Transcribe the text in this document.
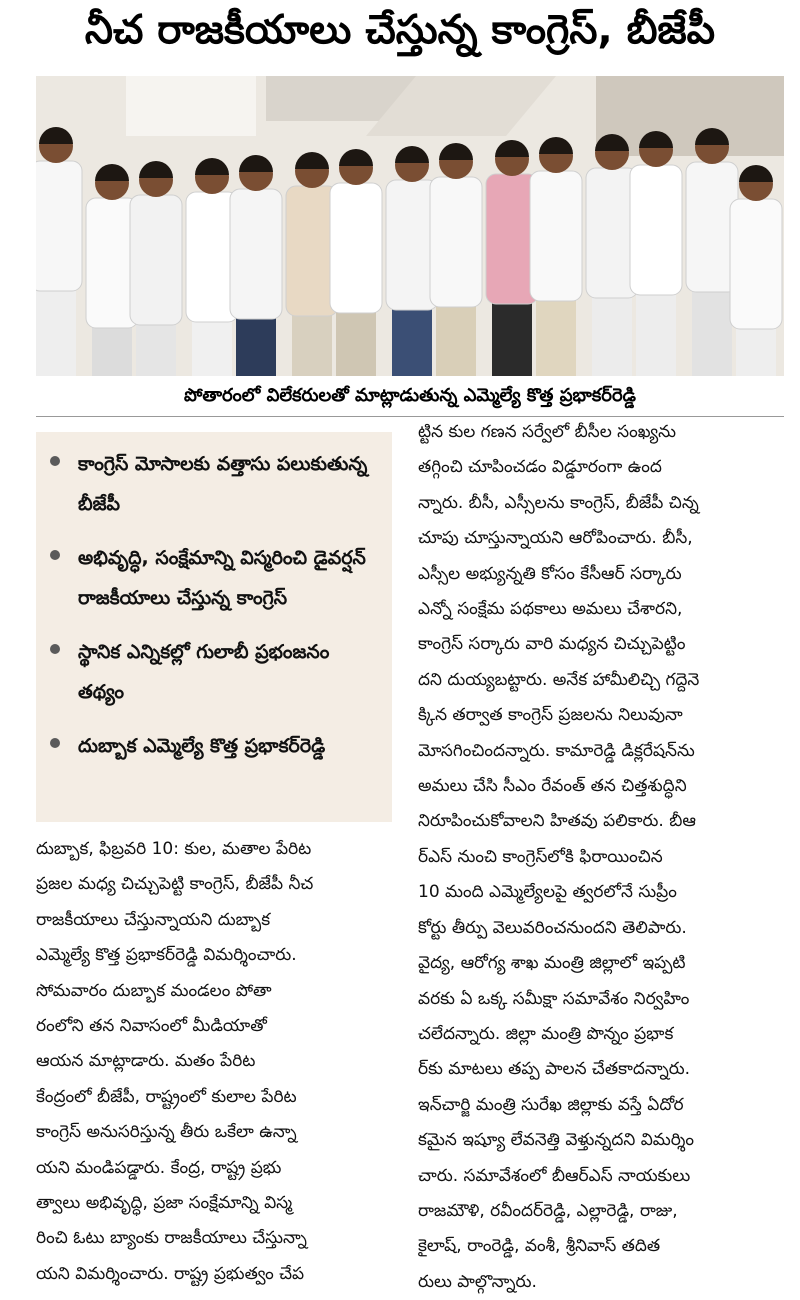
నీచ రాజకీయాలు చేస్తున్న కాంగ్రెస్, బీజేపీ
పోతారంలో విలేకరులతో మాట్లాడుతున్న ఎమ్మెల్యే కొత్త ప్రభాకర్‌రెడ్డి
కాంగ్రెస్ మోసాలకు వత్తాసు పలుకుతున్న బీజేపీ
అభివృద్ధి, సంక్షేమాన్ని విస్మరించి డైవర్షన్ రాజకీయాలు చేస్తున్న కాంగ్రెస్
స్థానిక ఎన్నికల్లో గులాబీ ప్రభంజనం తథ్యం
దుబ్బాక ఎమ్మెల్యే కొత్త ప్రభాకర్‌రెడ్డి
దుబ్బాక, ఫిబ్రవరి 10: కుల, మతాల పేరిట
ప్రజల మధ్య చిచ్చుపెట్టి కాంగ్రెస్, బీజేపీ నీచ
రాజకీయాలు చేస్తున్నాయని దుబ్బాక
ఎమ్మెల్యే కొత్త ప్రభాకర్‌రెడ్డి విమర్శించారు.
సోమవారం దుబ్బాక మండలం పోతా
రంలోని తన నివాసంలో మీడియాతో
ఆయన మాట్లాడారు. మతం పేరిట
కేంద్రంలో బీజేపీ, రాష్ట్రంలో కులాల పేరిట
కాంగ్రెస్ అనుసరిస్తున్న తీరు ఒకేలా ఉన్నా
యని మండిపడ్డారు. కేంద్ర, రాష్ట్ర ప్రభు
త్వాలు అభివృద్ధి, ప్రజా సంక్షేమాన్ని విస్మ
రించి ఓటు బ్యాంకు రాజకీయాలు చేస్తున్నా
యని విమర్శించారు. రాష్ట్ర ప్రభుత్వం చేప
ట్టిన కుల గణన సర్వేలో బీసీల సంఖ్యను
తగ్గించి చూపించడం విడ్డూరంగా ఉంద
న్నారు. బీసీ, ఎస్సీలను కాంగ్రెస్, బీజేపీ చిన్న
చూపు చూస్తున్నాయని ఆరోపించారు. బీసీ,
ఎస్సీల అభ్యున్నతి కోసం కేసీఆర్ సర్కారు
ఎన్నో సంక్షేమ పథకాలు అమలు చేశారని,
కాంగ్రెస్ సర్కారు వారి మధ్యన చిచ్చుపెట్టిం
దని దుయ్యబట్టారు. అనేక హామీలిచ్చి గద్దెనె
క్కిన తర్వాత కాంగ్రెస్ ప్రజలను నిలువునా
మోసగించిందన్నారు. కామారెడ్డి డిక్లరేషన్‌ను
అమలు చేసి సీఎం రేవంత్ తన చిత్తశుద్ధిని
నిరూపించుకోవాలని హితవు పలికారు. బీఆ
ర్‌ఎస్ నుంచి కాంగ్రెస్‌లోకి ఫిరాయించిన
10 మంది ఎమ్మెల్యేలపై త్వరలోనే సుప్రీం
కోర్టు తీర్పు వెలువరించనుందని తెలిపారు.
వైద్య, ఆరోగ్య శాఖ మంత్రి జిల్లాలో ఇప్పటి
వరకు ఏ ఒక్క సమీక్షా సమావేశం నిర్వహిం
చలేదన్నారు. జిల్లా మంత్రి పొన్నం ప్రభాక
ర్‌కు మాటలు తప్ప పాలన చేతకాదన్నారు.
ఇన్‌చార్జి మంత్రి సురేఖ జిల్లాకు వస్తే ఏదోర
కమైన ఇష్యూ లేవనెత్తి వెళ్తున్నదని విమర్శిం
చారు. సమావేశంలో బీఆర్‌ఎస్ నాయకులు
రాజమౌళి, రవీందర్‌రెడ్డి, ఎల్లారెడ్డి, రాజు,
కైలాష్, రాంరెడ్డి, వంశీ, శ్రీనివాస్ తదిత
రులు పాల్గొన్నారు.
